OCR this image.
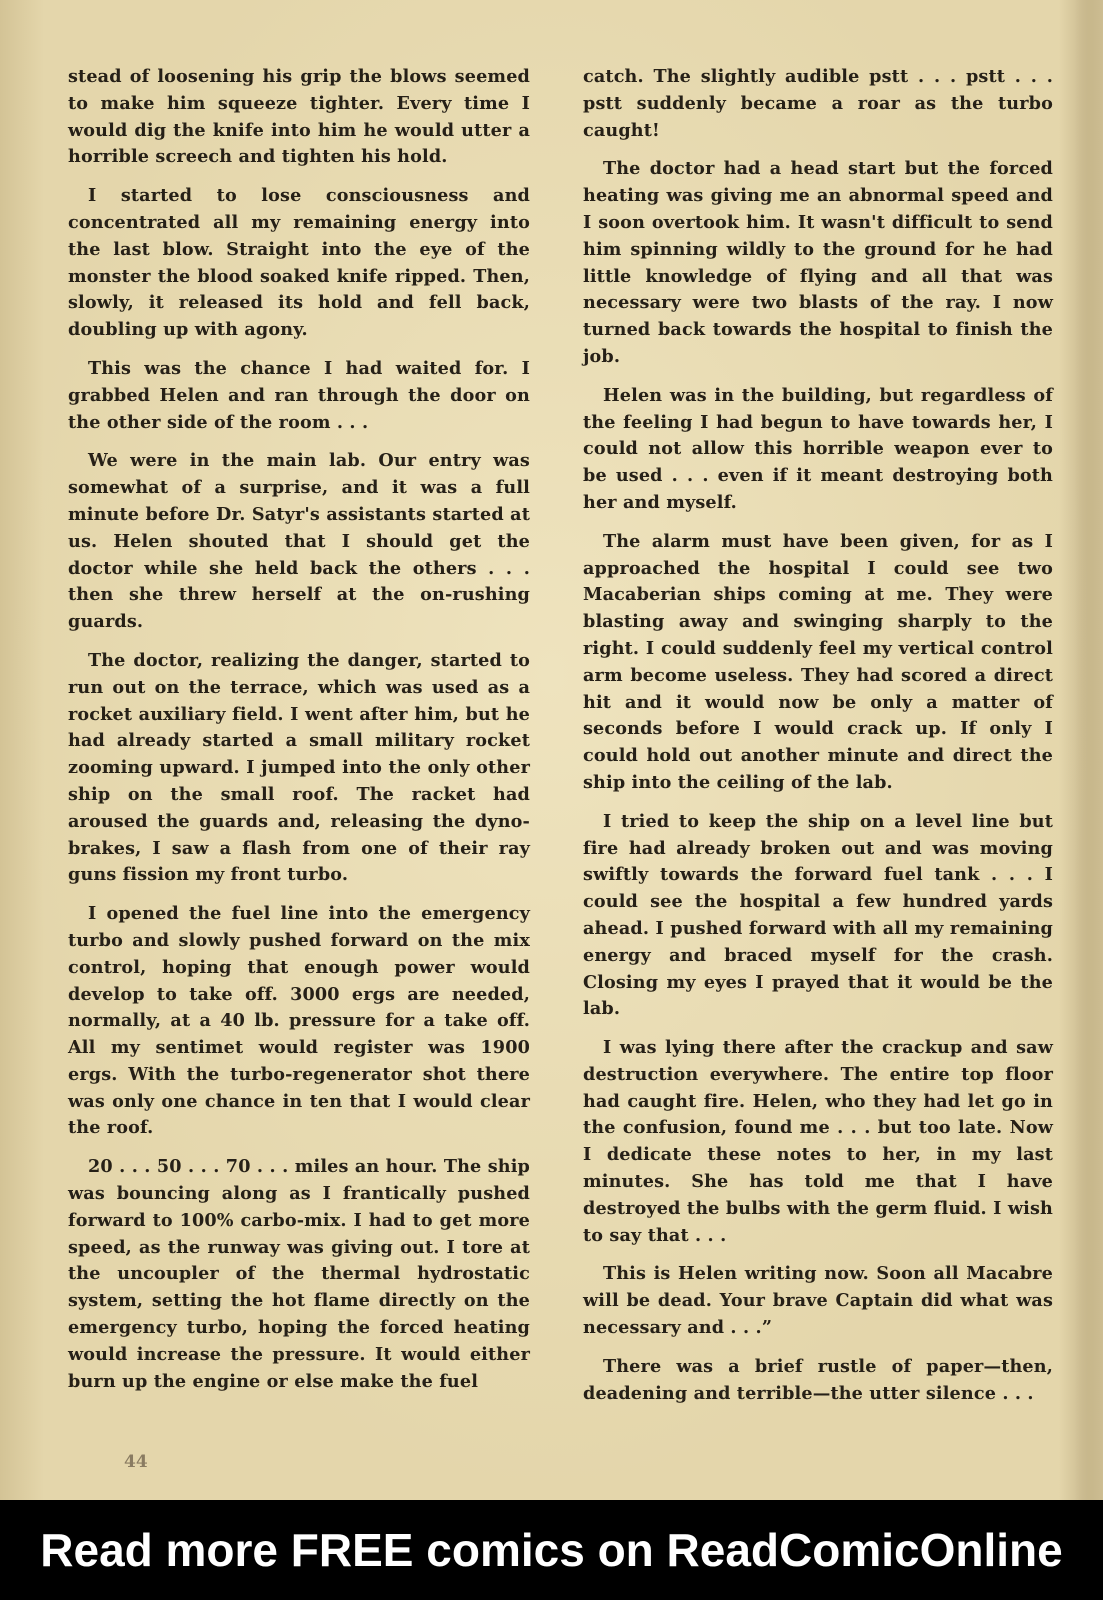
stead of loosening his grip the blows seemed to make him squeeze tighter. Every time I would dig the knife into him he would utter a horrible screech and tighten his hold.

I started to lose consciousness and concentrated all my remaining energy into the last blow. Straight into the eye of the monster the blood soaked knife ripped. Then, slowly, it released its hold and fell back, doubling up with agony.

This was the chance I had waited for. I grabbed Helen and ran through the door on the other side of the room . . .

We were in the main lab. Our entry was somewhat of a surprise, and it was a full minute before Dr. Satyr's assistants started at us. Helen shouted that I should get the doctor while she held back the others . . . then she threw herself at the on-rushing guards.

The doctor, realizing the danger, started to run out on the terrace, which was used as a rocket auxiliary field. I went after him, but he had already started a small military rocket zooming upward. I jumped into the only other ship on the small roof. The racket had aroused the guards and, releasing the dyno-brakes, I saw a flash from one of their ray guns fission my front turbo.

I opened the fuel line into the emergency turbo and slowly pushed forward on the mix control, hoping that enough power would develop to take off. 3000 ergs are needed, normally, at a 40 lb. pressure for a take off. All my sentimet would register was 1900 ergs. With the turbo-regenerator shot there was only one chance in ten that I would clear the roof.

20 . . . 50 . . . 70 . . . miles an hour. The ship was bouncing along as I frantically pushed forward to 100% carbo-mix. I had to get more speed, as the runway was giving out. I tore at the uncoupler of the thermal hydrostatic system, setting the hot flame directly on the emergency turbo, hoping the forced heating would increase the pressure. It would either burn up the engine or else make the fuel

catch. The slightly audible pstt . . . pstt . . . pstt suddenly became a roar as the turbo caught!

The doctor had a head start but the forced heating was giving me an abnormal speed and I soon overtook him. It wasn't difficult to send him spinning wildly to the ground for he had little knowledge of flying and all that was necessary were two blasts of the ray. I now turned back towards the hospital to finish the job.

Helen was in the building, but regardless of the feeling I had begun to have towards her, I could not allow this horrible weapon ever to be used . . . even if it meant destroying both her and myself.

The alarm must have been given, for as I approached the hospital I could see two Macaberian ships coming at me. They were blasting away and swinging sharply to the right. I could suddenly feel my vertical control arm become useless. They had scored a direct hit and it would now be only a matter of seconds before I would crack up. If only I could hold out another minute and direct the ship into the ceiling of the lab.

I tried to keep the ship on a level line but fire had already broken out and was moving swiftly towards the forward fuel tank . . . I could see the hospital a few hundred yards ahead. I pushed forward with all my remaining energy and braced myself for the crash. Closing my eyes I prayed that it would be the lab.

I was lying there after the crackup and saw destruction everywhere. The entire top floor had caught fire. Helen, who they had let go in the confusion, found me . . . but too late. Now I dedicate these notes to her, in my last minutes. She has told me that I have destroyed the bulbs with the germ fluid. I wish to say that . . .

This is Helen writing now. Soon all Macabre will be dead. Your brave Captain did what was necessary and . . .”

There was a brief rustle of paper—then, deadening and terrible—the utter silence . . .

44
Read more FREE comics on ReadComicOnline
